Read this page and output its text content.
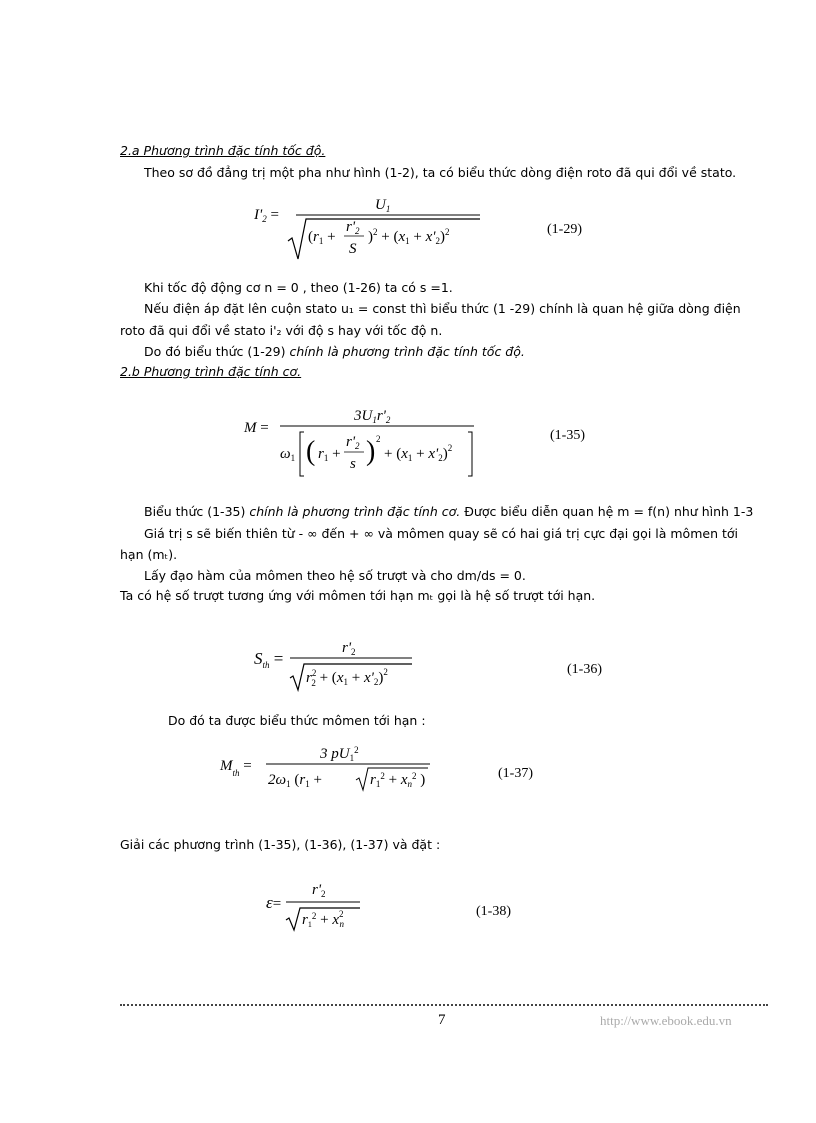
2.a Phương trình đặc tính tốc độ.
Theo sơ đồ đẳng trị một pha như hình (1-2), ta có biểu thức dòng điện roto đã qui đổi về stato.
$I'_2$ =
$U_1$
($r_1$ +
$r'_2$
S
)$^2 + (x_1 + x'_2)^2$	(1-29)
Khi tốc độ động cơ n = 0 , theo (1-26) ta có s =1.
Nếu điện áp đặt lên cuộn stato u₁ = const thì biểu thức (1 -29) chính là quan hệ giữa dòng điện
roto đã qui đổi về stato i'₂ với độ s hay với tốc độ n.
Do đó biểu thức (1-29) chính là phương trình đặc tính tốc độ.
2.b Phương trình đặc tính cơ.
M =
$3U_1r'_2$
$\omega_1$ ( $r_1$ +
$r'_2$
s ) 2
+ $(x_1 + x'_2)^2$
(1-35)
Biểu thức (1-35) chính là phương trình đặc tính cơ. Được biểu diễn quan hệ m = f(n) như hình 1-3
Giá trị s sẽ biến thiên từ - ∞ đến + ∞ và mômen quay sẽ có hai giá trị cực đại gọi là mômen tới
hạn (mₜ).
Lấy đạo hàm của mômen theo hệ số trượt và cho dm/ds = 0.
Ta có hệ số trượt tương ứng với mômen tới hạn mₜ gọi là hệ số trượt tới hạn.
$S_{th}$ =
$r'_2$
$r^2$ $2 + (x_1 + x'_2)^2$	(1-36)
Do đó ta được biểu thức mômen tới hạn :
$M_{th}$ =
3 $pU_1^2$
$2\omega_1$ ($r_1$ +	$r_1^2 + x_n^2$ )	(1-37)
Giải các phương trình (1-35), (1-36), (1-37) và đặt :
ε=
$r'_2$
$r_1^2 + x^2$ n
(1-38)
7	http://www.ebook.edu.vn
